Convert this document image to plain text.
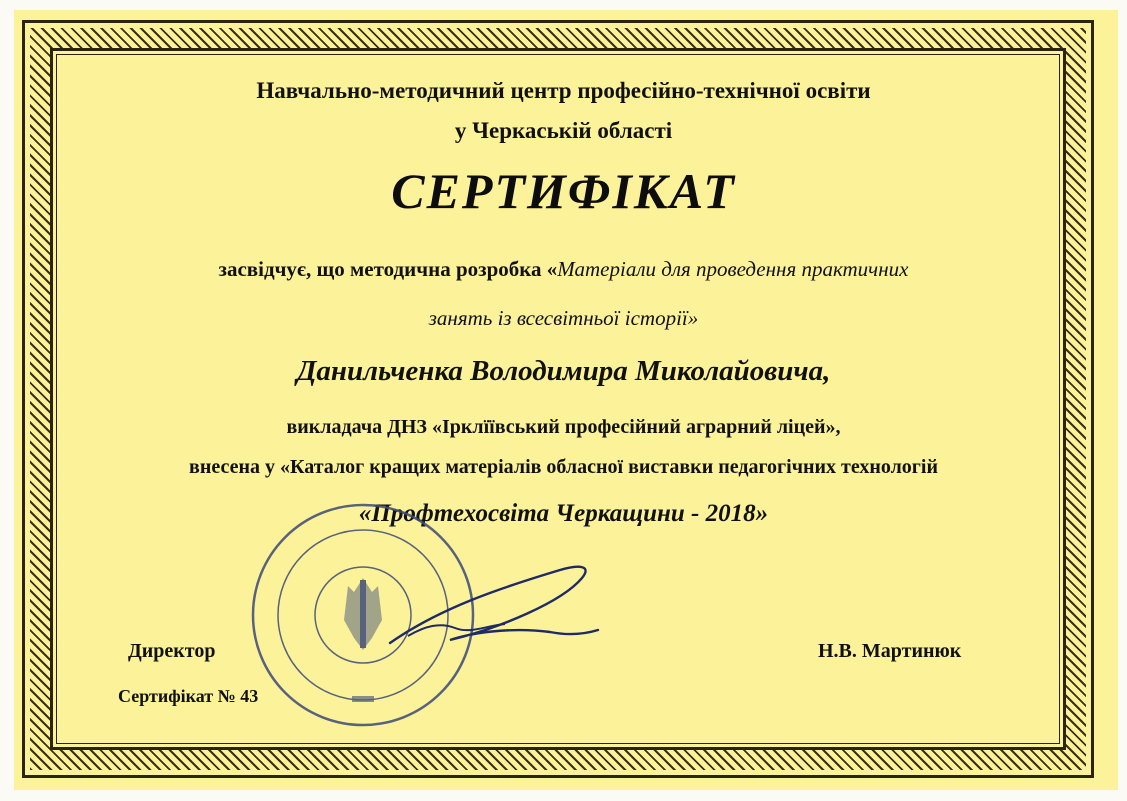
Навчально-методичний центр професійно-технічної освіти
у Черкаській області
СЕРТИФІКАТ
засвідчує, що методична розробка «Матеріали для проведення практичних
занять із всесвітньої історії»
Данильченка Володимира Миколайовича,
викладача ДНЗ «Ірклїївський професійний аграрний ліцей»,
внесена у «Каталог кращих матеріалів обласної виставки педагогічних технологій
«Профтехосвіта Черкащини - 2018»
Директор	Н.В. Мартинюк
Сертифікат № 43
